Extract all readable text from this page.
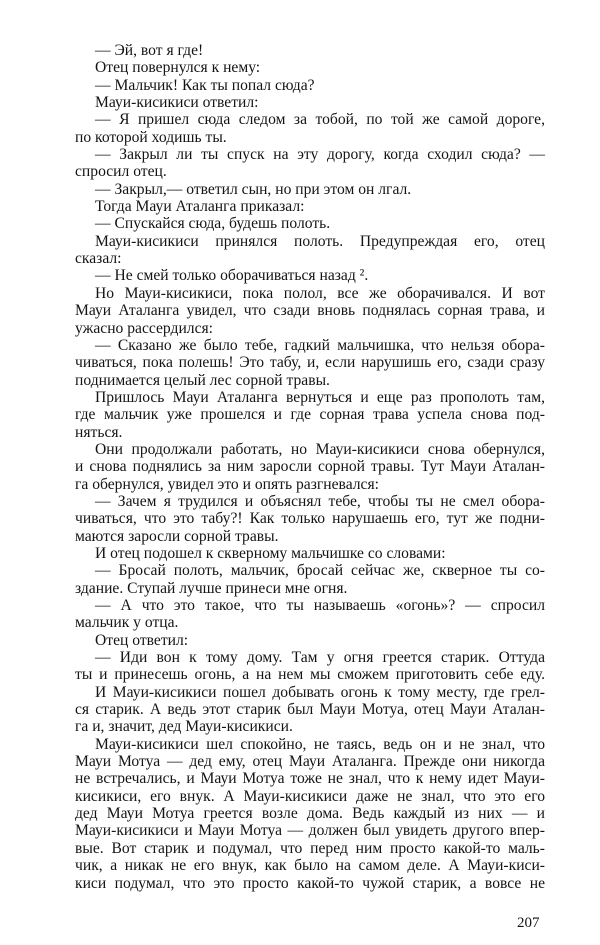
— Эй, вот я где!
Отец повернулся к нему:
— Мальчик! Как ты попал сюда?
Мауи-кисикиси ответил:
— Я пришел сюда следом за тобой, по той же самой дороге,
по которой ходишь ты.
— Закрыл ли ты спуск на эту дорогу, когда сходил сюда? —
спросил отец.
— Закрыл,— ответил сын, но при этом он лгал.
Тогда Мауи Аталанга приказал:
— Спускайся сюда, будешь полоть.
Мауи-кисикиси принялся полоть. Предупреждая его, отец
сказал:
— Не смей только оборачиваться назад ².
Но Мауи-кисикиси, пока полол, все же оборачивался. И вот
Мауи Аталанга увидел, что сзади вновь поднялась сорная трава, и
ужасно рассердился:
— Сказано же было тебе, гадкий мальчишка, что нельзя обора-
чиваться, пока полешь! Это табу, и, если нарушишь его, сзади сразу
поднимается целый лес сорной травы.
Пришлось Мауи Аталанга вернуться и еще раз прополоть там,
где мальчик уже прошелся и где сорная трава успела снова под-
няться.
Они продолжали работать, но Мауи-кисикиси снова обернулся,
и снова поднялись за ним заросли сорной травы. Тут Мауи Аталан-
га обернулся, увидел это и опять разгневался:
— Зачем я трудился и объяснял тебе, чтобы ты не смел обора-
чиваться, что это табу?! Как только нарушаешь его, тут же подни-
маются заросли сорной травы.
И отец подошел к скверному мальчишке со словами:
— Бросай полоть, мальчик, бросай сейчас же, скверное ты со-
здание. Ступай лучше принеси мне огня.
— А что это такое, что ты называешь «огонь»? — спросил
мальчик у отца.
Отец ответил:
— Иди вон к тому дому. Там у огня греется старик. Оттуда
ты и принесешь огонь, а на нем мы сможем приготовить себе еду.
И Мауи-кисикиси пошел добывать огонь к тому месту, где грел-
ся старик. А ведь этот старик был Мауи Мотуа, отец Мауи Аталан-
га и, значит, дед Мауи-кисикиси.
Мауи-кисикиси шел спокойно, не таясь, ведь он и не знал, что
Мауи Мотуа — дед ему, отец Мауи Аталанга. Прежде они никогда
не встречались, и Мауи Мотуа тоже не знал, что к нему идет Мауи-
кисикиси, его внук. А Мауи-кисикиси даже не знал, что это его
дед Мауи Мотуа греется возле дома. Ведь каждый из них — и
Мауи-кисикиси и Мауи Мотуа — должен был увидеть другого впер-
вые. Вот старик и подумал, что перед ним просто какой-то маль-
чик, а никак не его внук, как было на самом деле. А Мауи-киси-
киси подумал, что это просто какой-то чужой старик, а вовсе не
207
